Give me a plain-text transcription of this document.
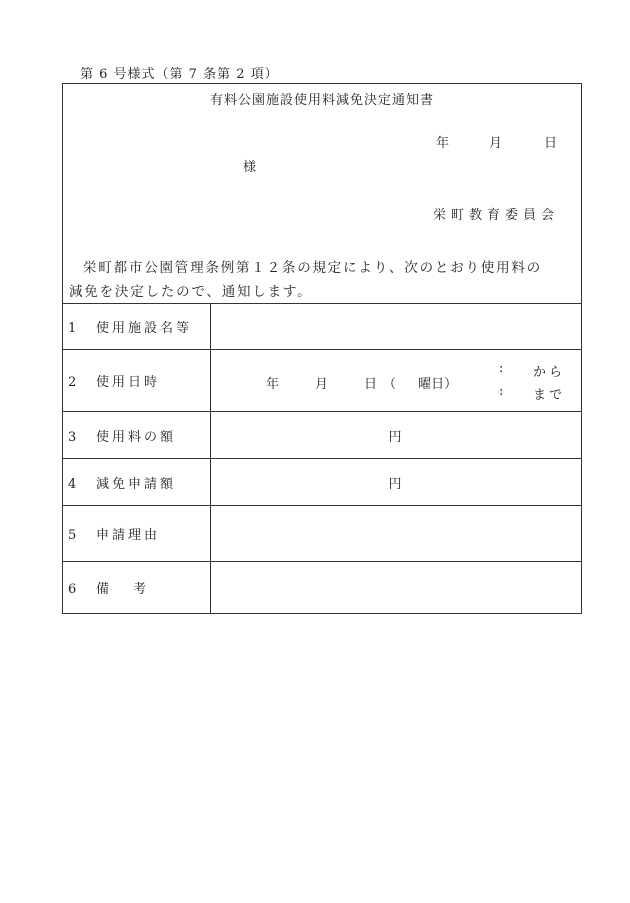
第 6 号様式（第 7 条第 2 項）
有料公園施設使用料減免決定通知書
年	月	日
様
栄町教育委員会

栄町都市公園管理条例第１２条の規定により、次のとおり使用料の

減免を決定したので、通知します。

1 使用施設名等	
2 使用日時	年 月 日 （ 曜日）
: から
: まで

3 使用料の額	円
4 減免申請額	円
5 申請理由	
6 備考	
